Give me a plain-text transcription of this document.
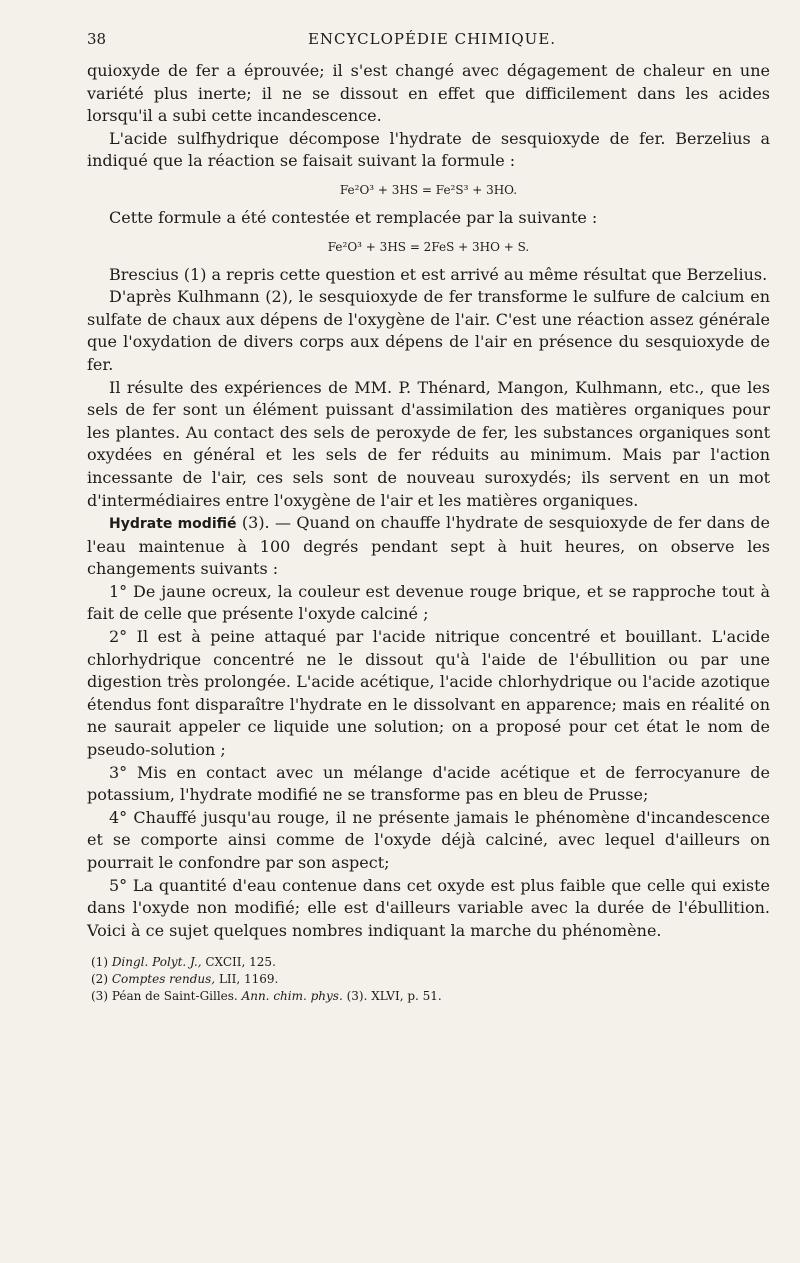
38	ENCYCLOPÉDIE CHIMIQUE.

quioxyde de fer a éprouvée; il s'est changé avec dégagement de chaleur en une variété plus inerte; il ne se dissout en effet que difficilement dans les acides lorsqu'il a subi cette incandescence.

L'acide sulfhydrique décompose l'hydrate de sesquioxyde de fer. Berzelius a indiqué que la réaction se faisait suivant la formule :

Fe²O³ + 3HS = Fe²S³ + 3HO.

Cette formule a été contestée et remplacée par la suivante :

Fe²O³ + 3HS = 2FeS + 3HO + S.

Brescius (1) a repris cette question et est arrivé au même résultat que Berzelius.

D'après Kulhmann (2), le sesquioxyde de fer transforme le sulfure de calcium en sulfate de chaux aux dépens de l'oxygène de l'air. C'est une réaction assez générale que l'oxydation de divers corps aux dépens de l'air en présence du sesquioxyde de fer.

Il résulte des expériences de MM. P. Thénard, Mangon, Kulhmann, etc., que les sels de fer sont un élément puissant d'assimilation des matières organiques pour les plantes. Au contact des sels de peroxyde de fer, les substances organiques sont oxydées en général et les sels de fer réduits au minimum. Mais par l'action incessante de l'air, ces sels sont de nouveau suroxydés; ils servent en un mot d'intermédiaires entre l'oxygène de l'air et les matières organiques.

Hydrate modifié (3). — Quand on chauffe l'hydrate de sesquioxyde de fer dans de l'eau maintenue à 100 degrés pendant sept à huit heures, on observe les changements suivants :

1° De jaune ocreux, la couleur est devenue rouge brique, et se rapproche tout à fait de celle que présente l'oxyde calciné ;

2° Il est à peine attaqué par l'acide nitrique concentré et bouillant. L'acide chlorhydrique concentré ne le dissout qu'à l'aide de l'ébullition ou par une digestion très prolongée. L'acide acétique, l'acide chlorhydrique ou l'acide azotique étendus font disparaître l'hydrate en le dissolvant en apparence; mais en réalité on ne saurait appeler ce liquide une solution; on a proposé pour cet état le nom de pseudo-solution ;

3° Mis en contact avec un mélange d'acide acétique et de ferrocyanure de potassium, l'hydrate modifié ne se transforme pas en bleu de Prusse;

4° Chauffé jusqu'au rouge, il ne présente jamais le phénomène d'incandescence et se comporte ainsi comme de l'oxyde déjà calciné, avec lequel d'ailleurs on pourrait le confondre par son aspect;

5° La quantité d'eau contenue dans cet oxyde est plus faible que celle qui existe dans l'oxyde non modifié; elle est d'ailleurs variable avec la durée de l'ébullition. Voici à ce sujet quelques nombres indiquant la marche du phénomène.

(1) Dingl. Polyt. J., CXCII, 125.
(2) Comptes rendus, LII, 1169.
(3) Péan de Saint-Gilles. Ann. chim. phys. (3). XLVI, p. 51.
